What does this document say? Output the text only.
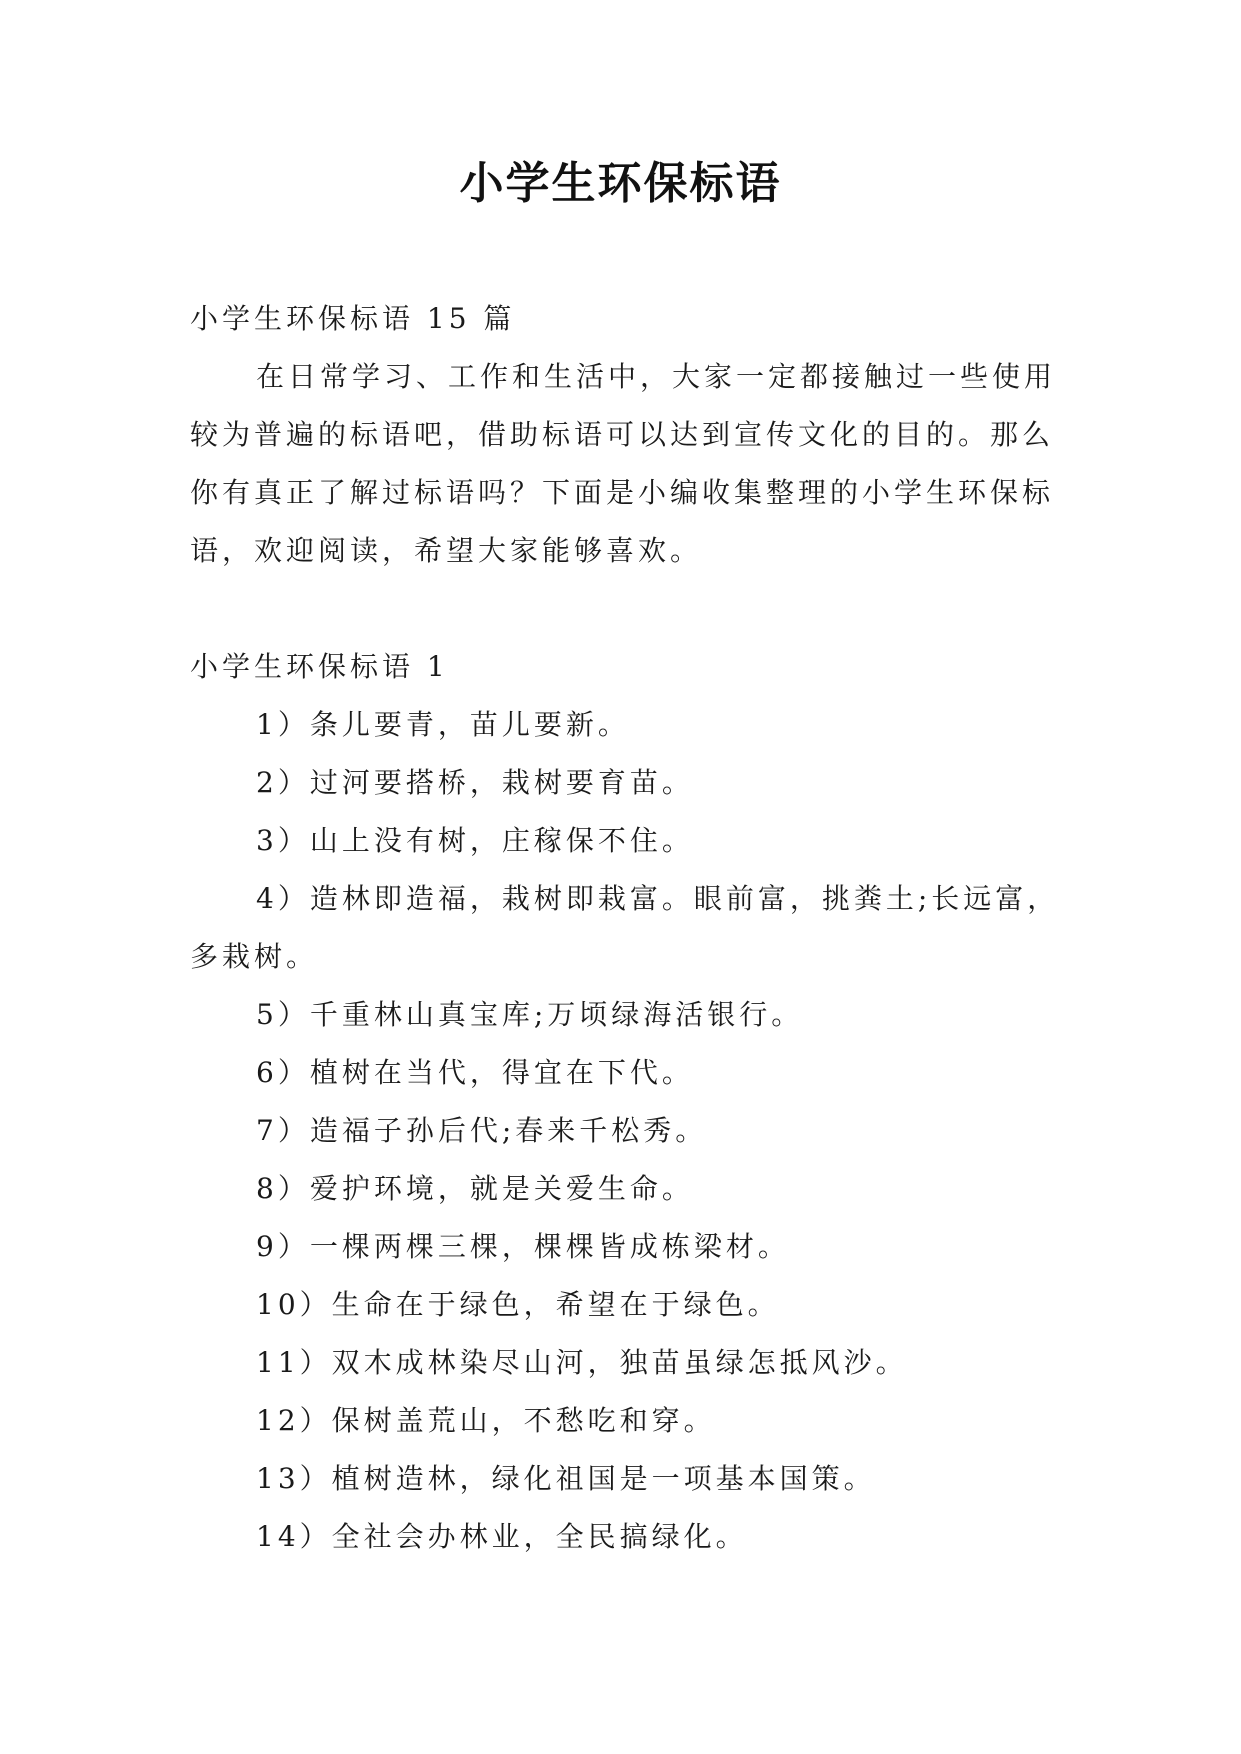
小学生环保标语

小学生环保标语 15 篇

在日常学习、工作和生活中，大家一定都接触过一些使用较为普遍的标语吧，借助标语可以达到宣传文化的目的。那么你有真正了解过标语吗？下面是小编收集整理的小学生环保标语，欢迎阅读，希望大家能够喜欢。

小学生环保标语 1

1）条儿要青，苗儿要新。

2）过河要搭桥，栽树要育苗。

3）山上没有树，庄稼保不住。

4）造林即造福，栽树即栽富。眼前富，挑粪土;长远富，多栽树。

5）千重林山真宝库;万顷绿海活银行。

6）植树在当代，得宜在下代。

7）造福子孙后代;春来千松秀。

8）爱护环境，就是关爱生命。

9）一棵两棵三棵，棵棵皆成栋梁材。

10）生命在于绿色，希望在于绿色。

11）双木成林染尽山河，独苗虽绿怎抵风沙。

12）保树盖荒山，不愁吃和穿。

13）植树造林，绿化祖国是一项基本国策。

14）全社会办林业，全民搞绿化。
